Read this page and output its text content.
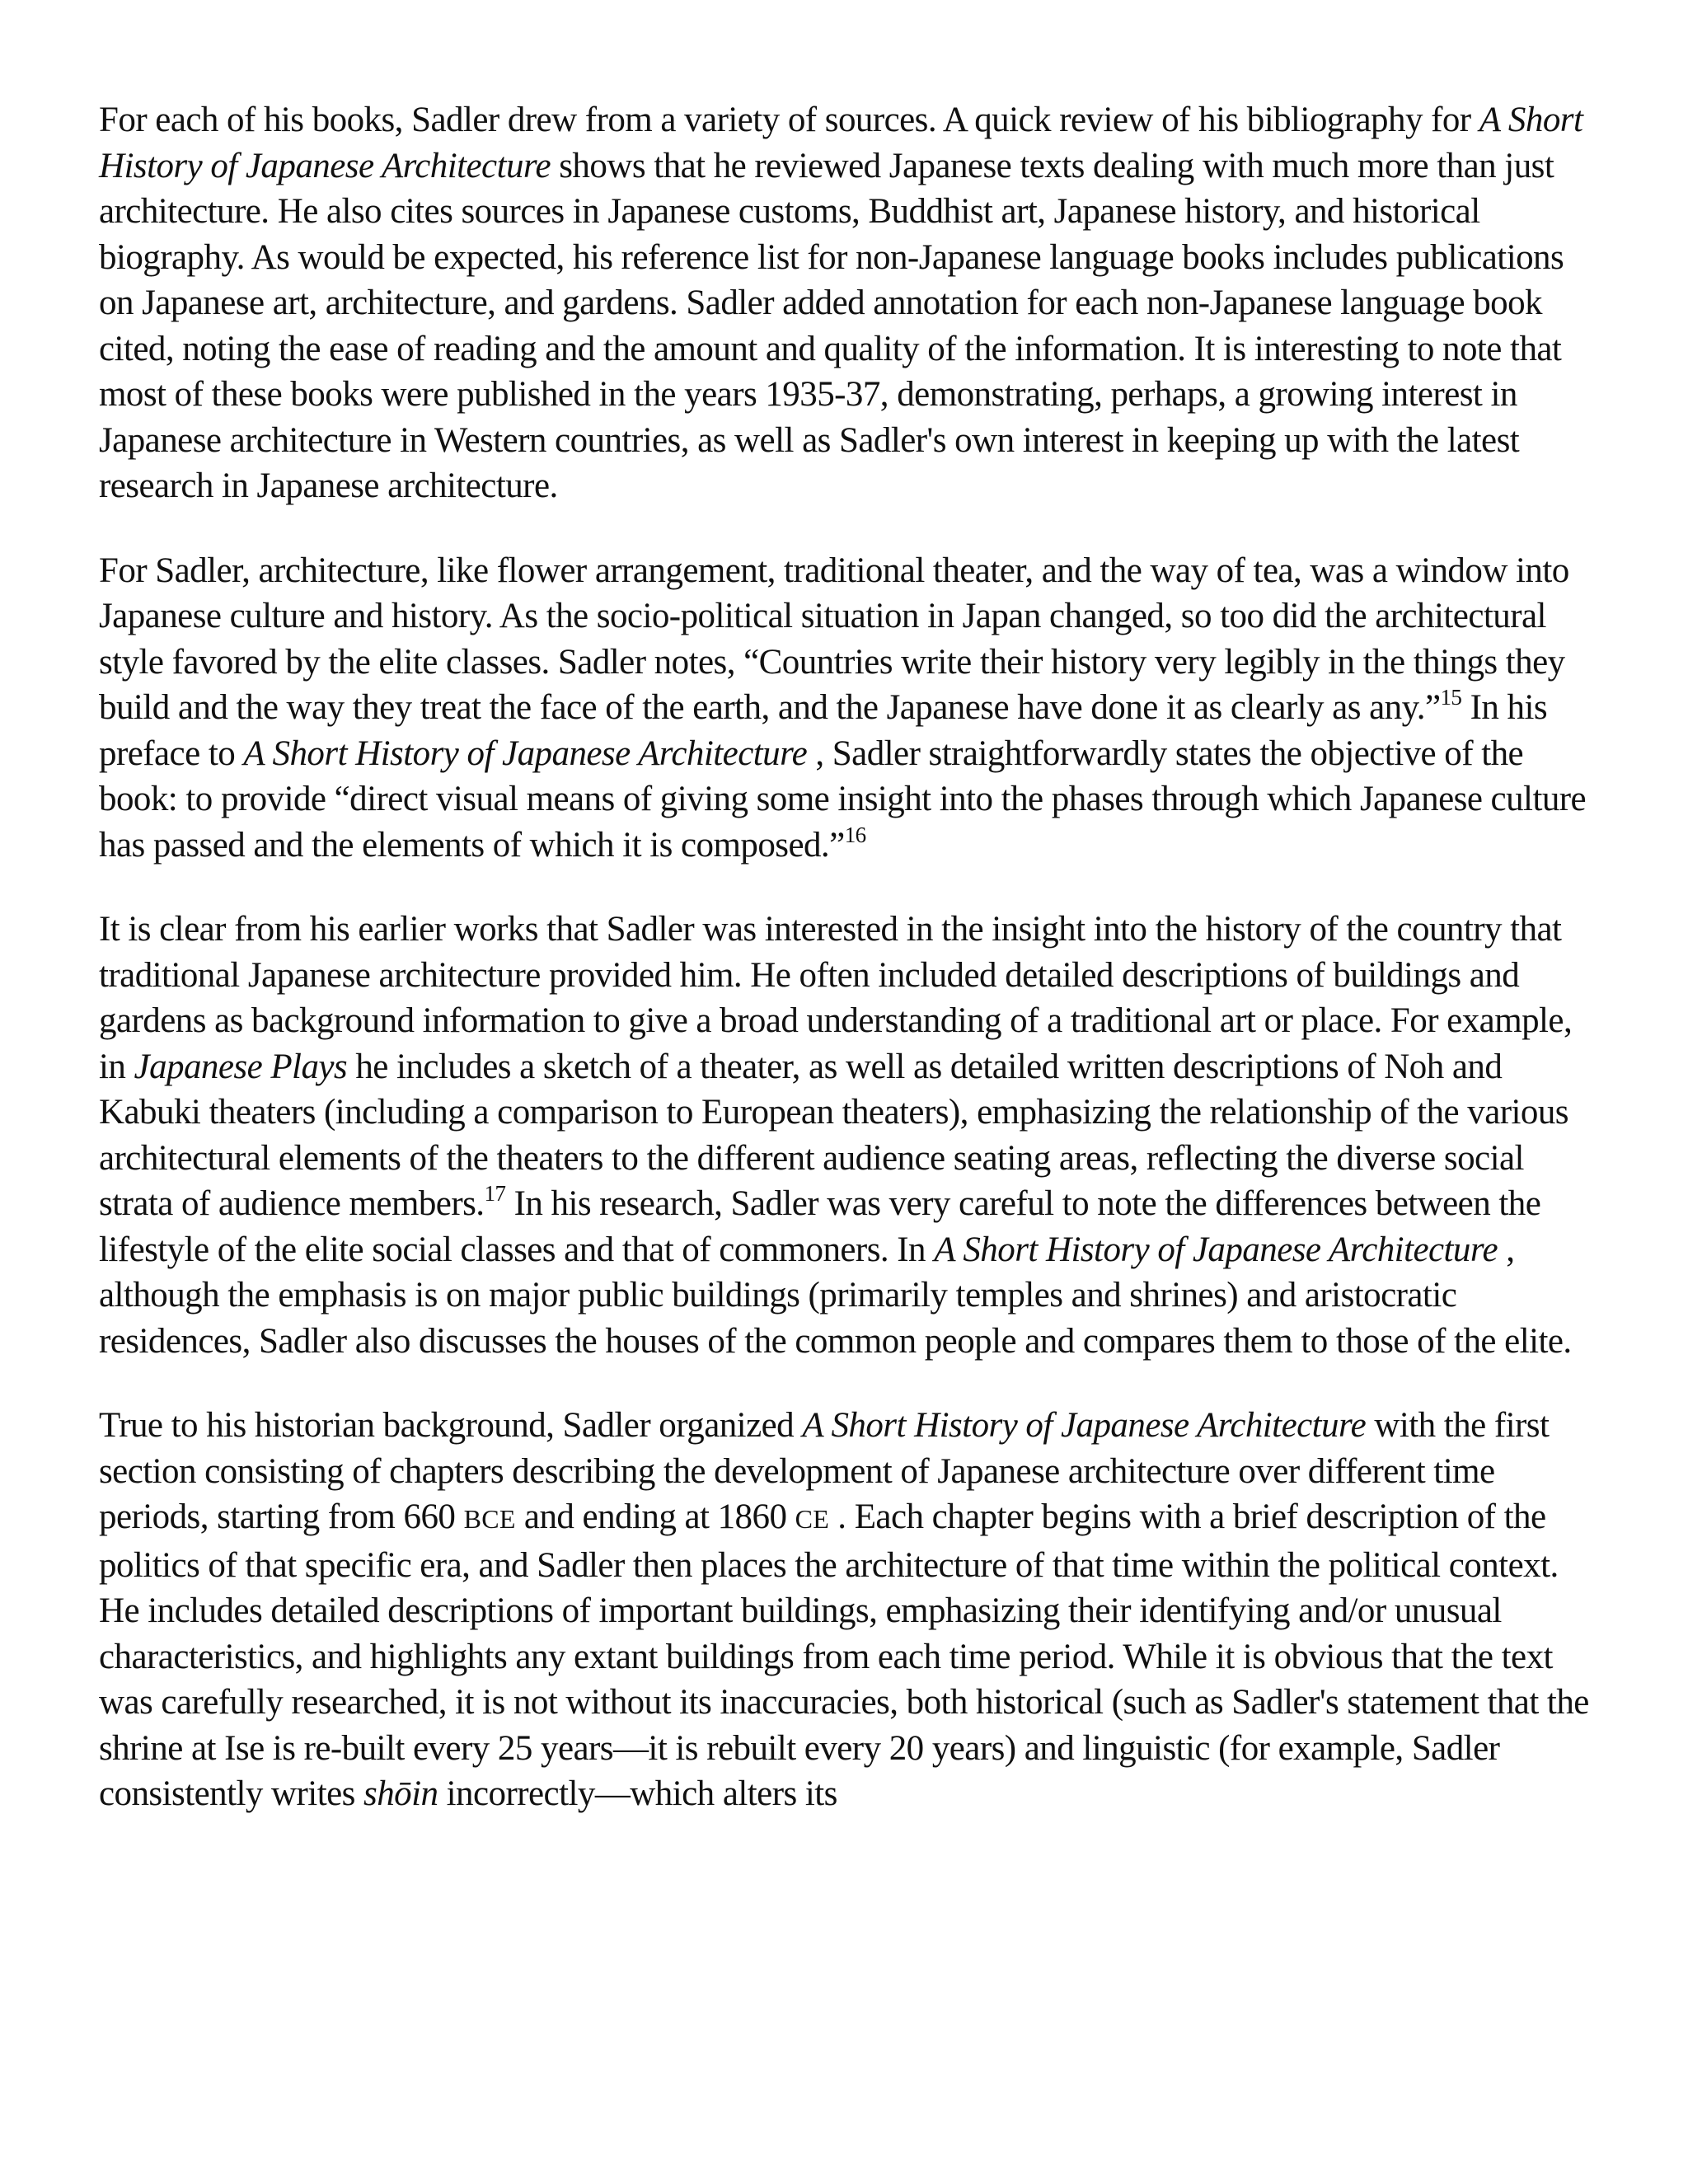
For each of his books, Sadler drew from a variety of sources. A quick review of his bibliography for A Short History of Japanese Architecture shows that he reviewed Japanese texts dealing with much more than just architecture. He also cites sources in Japanese customs, Buddhist art, Japanese history, and historical biography. As would be expected, his reference list for non-Japanese language books includes publications on Japanese art, architecture, and gardens. Sadler added annotation for each non-Japanese language book cited, noting the ease of reading and the amount and quality of the information. It is interesting to note that most of these books were published in the years 1935-37, demonstrating, perhaps, a growing interest in Japanese architecture in Western countries, as well as Sadler's own interest in keeping up with the latest research in Japanese architecture.

For Sadler, architecture, like flower arrangement, traditional theater, and the way of tea, was a window into Japanese culture and history. As the socio-political situation in Japan changed, so too did the architectural style favored by the elite classes. Sadler notes, “Countries write their history very legibly in the things they build and the way they treat the face of the earth, and the Japanese have done it as clearly as any.”$^{15}$ In his preface to A Short History of Japanese Architecture , Sadler straightforwardly states the objective of the book: to provide “direct visual means of giving some insight into the phases through which Japanese culture has passed and the elements of which it is composed.”$^{16}$

It is clear from his earlier works that Sadler was interested in the insight into the history of the country that traditional Japanese architecture provided him. He often included detailed descriptions of buildings and gardens as background information to give a broad understanding of a traditional art or place. For example, in Japanese Plays he includes a sketch of a theater, as well as detailed written descriptions of Noh and Kabuki theaters (including a comparison to European theaters), emphasizing the relationship of the various architectural elements of the theaters to the different audience seating areas, reflecting the diverse social strata of audience members.$^{17}$ In his research, Sadler was very careful to note the differences between the lifestyle of the elite social classes and that of commoners. In A Short History of Japanese Architecture , although the emphasis is on major public buildings (primarily temples and shrines) and aristocratic residences, Sadler also discusses the houses of the common people and compares them to those of the elite.

True to his historian background, Sadler organized A Short History of Japanese Architecture with the first section consisting of chapters describing the development of Japanese architecture over different time periods, starting from 660 BCE and ending at 1860 CE . Each chapter begins with a brief description of the politics of that specific era, and Sadler then places the architecture of that time within the political context. He includes detailed descriptions of important buildings, emphasizing their identifying and/or unusual characteristics, and highlights any extant buildings from each time period. While it is obvious that the text was carefully researched, it is not without its inaccuracies, both historical (such as Sadler's statement that the shrine at Ise is re-built every 25 years—it is rebuilt every 20 years) and linguistic (for example, Sadler consistently writes shōin incorrectly—which alters its
